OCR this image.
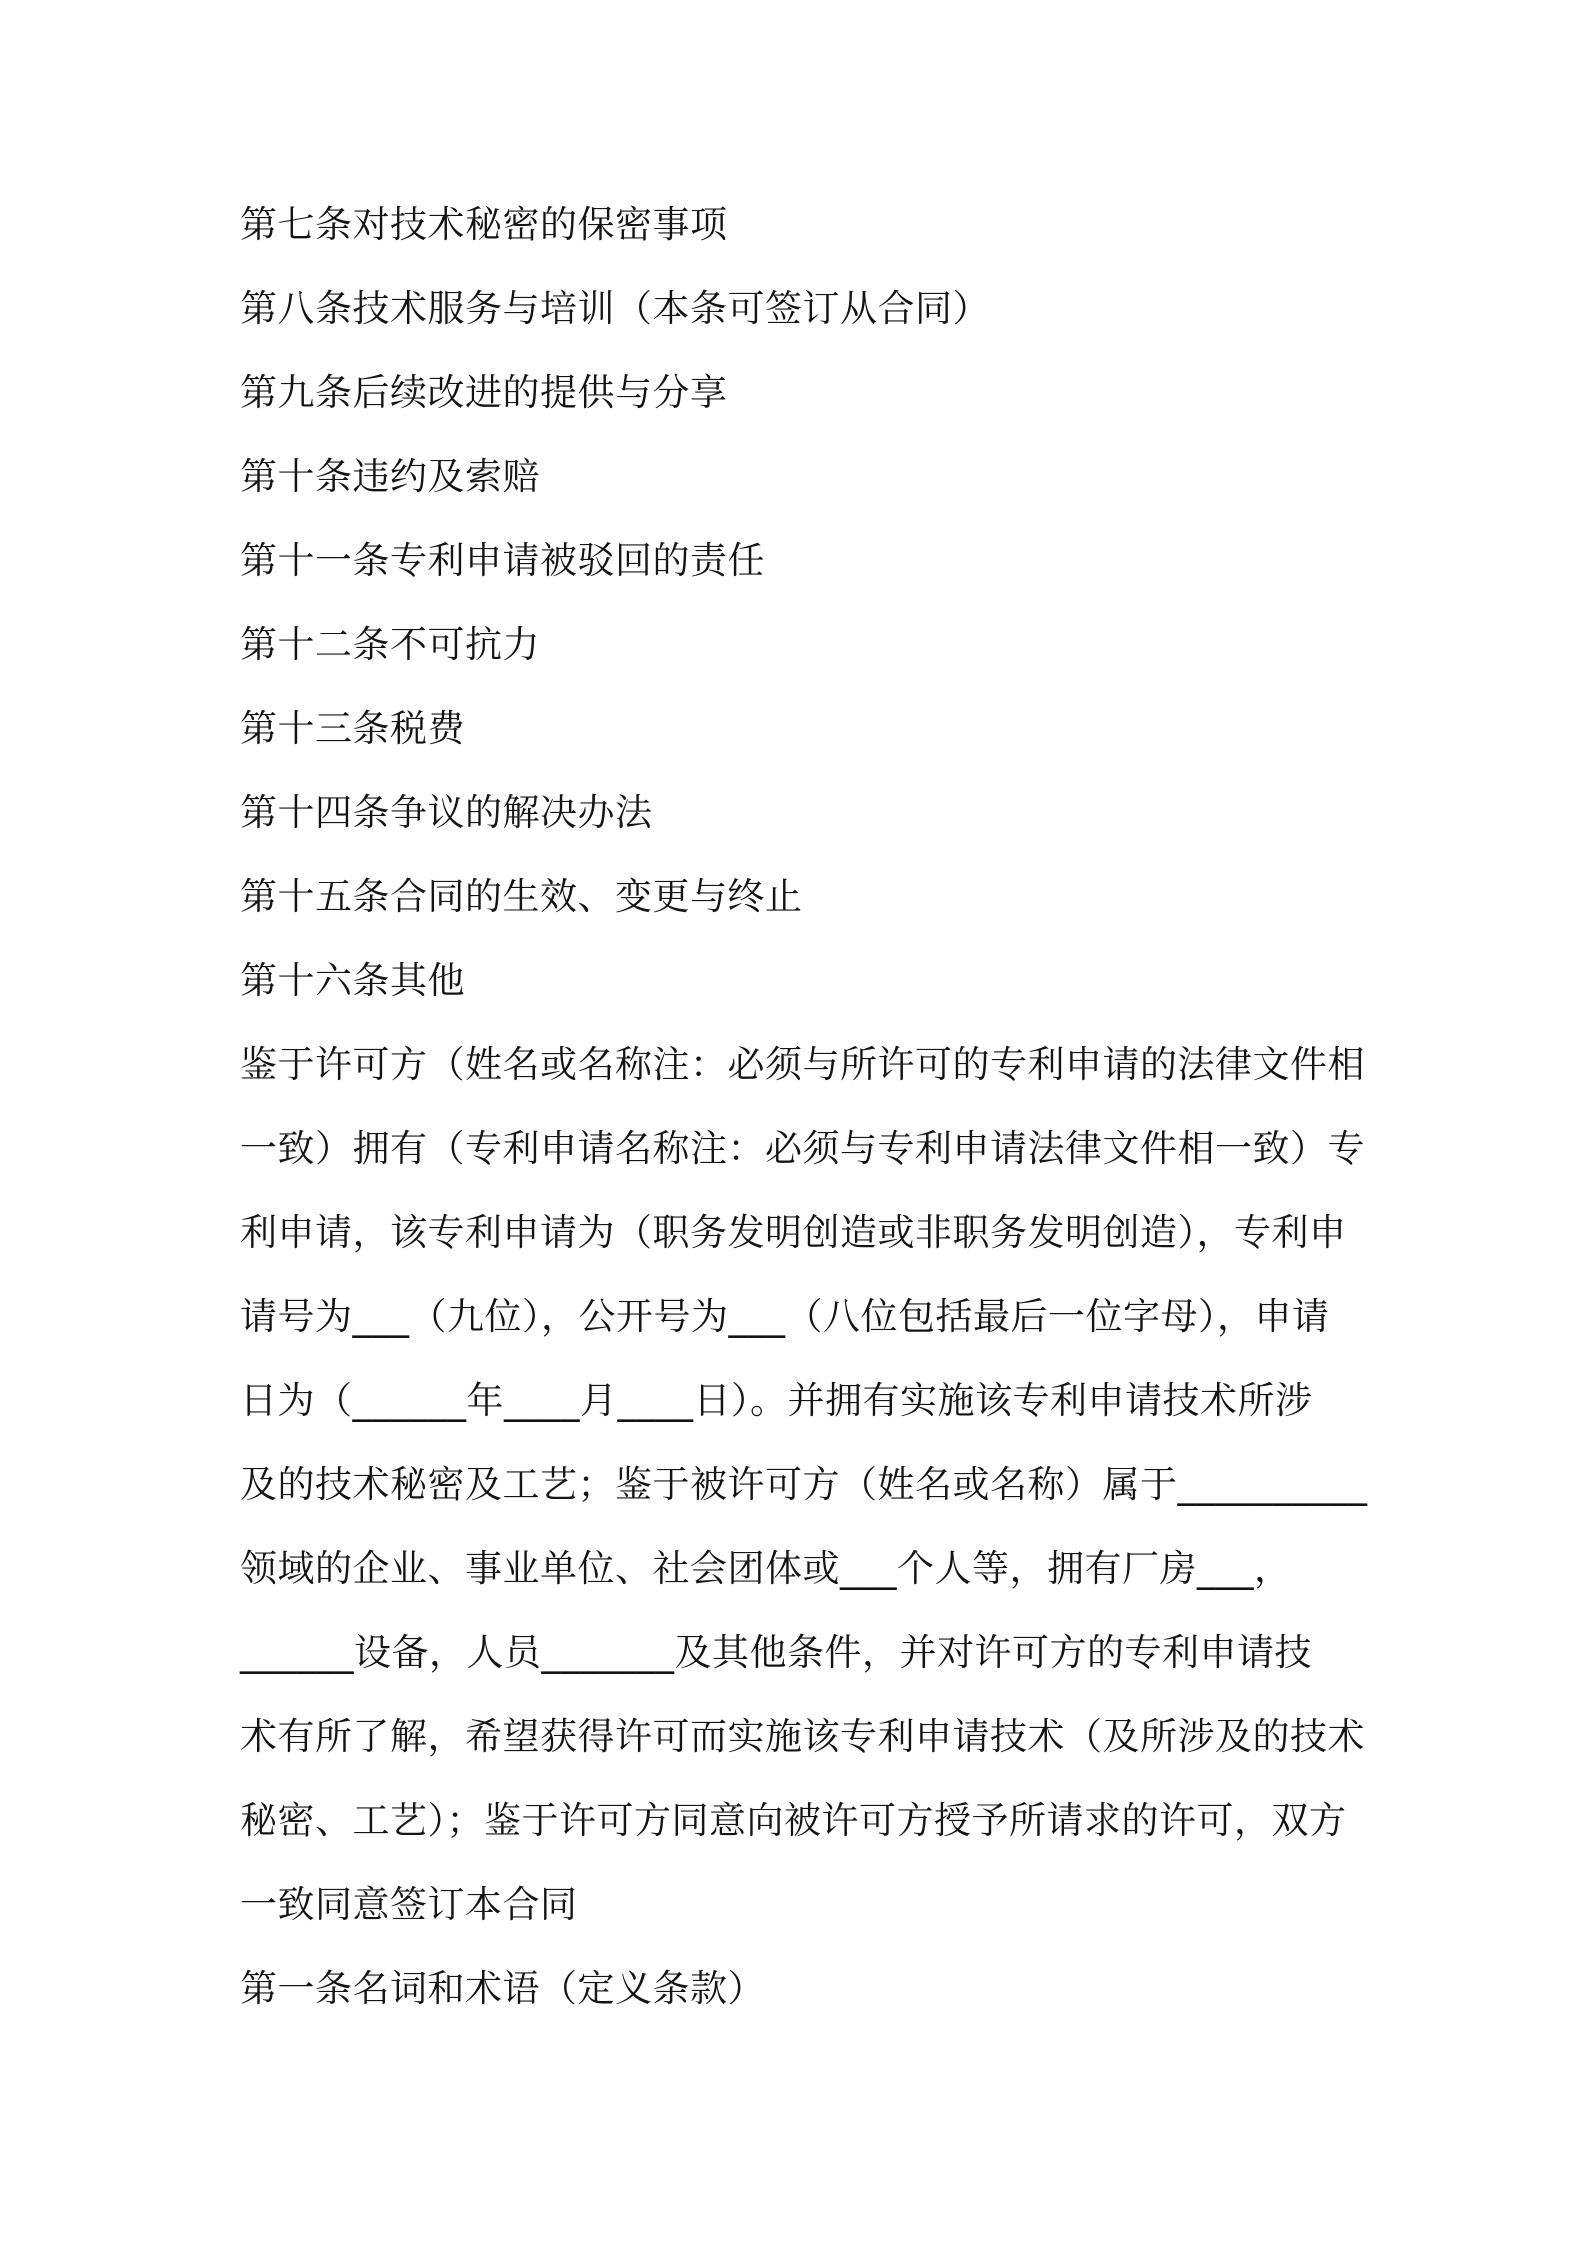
第七条对技术秘密的保密事项
第八条技术服务与培训（本条可签订从合同）
第九条后续改进的提供与分享
第十条违约及索赔
第十一条专利申请被驳回的责任
第十二条不可抗力
第十三条税费
第十四条争议的解决办法
第十五条合同的生效、变更与终止
第十六条其他
鉴于许可方（姓名或名称注：必须与所许可的专利申请的法律文件相
一致）拥有（专利申请名称注：必须与专利申请法律文件相一致）专
利申请，该专利申请为（职务发明创造或非职务发明创造），专利申
请号为___（九位），公开号为___（八位包括最后一位字母），申请
日为（______年____月____日）。并拥有实施该专利申请技术所涉
及的技术秘密及工艺；鉴于被许可方（姓名或名称）属于__________
领域的企业、事业单位、社会团体或___个人等，拥有厂房___，
______设备，人员_______及其他条件，并对许可方的专利申请技
术有所了解，希望获得许可而实施该专利申请技术（及所涉及的技术
秘密、工艺）；鉴于许可方同意向被许可方授予所请求的许可，双方
一致同意签订本合同
第一条名词和术语（定义条款）
